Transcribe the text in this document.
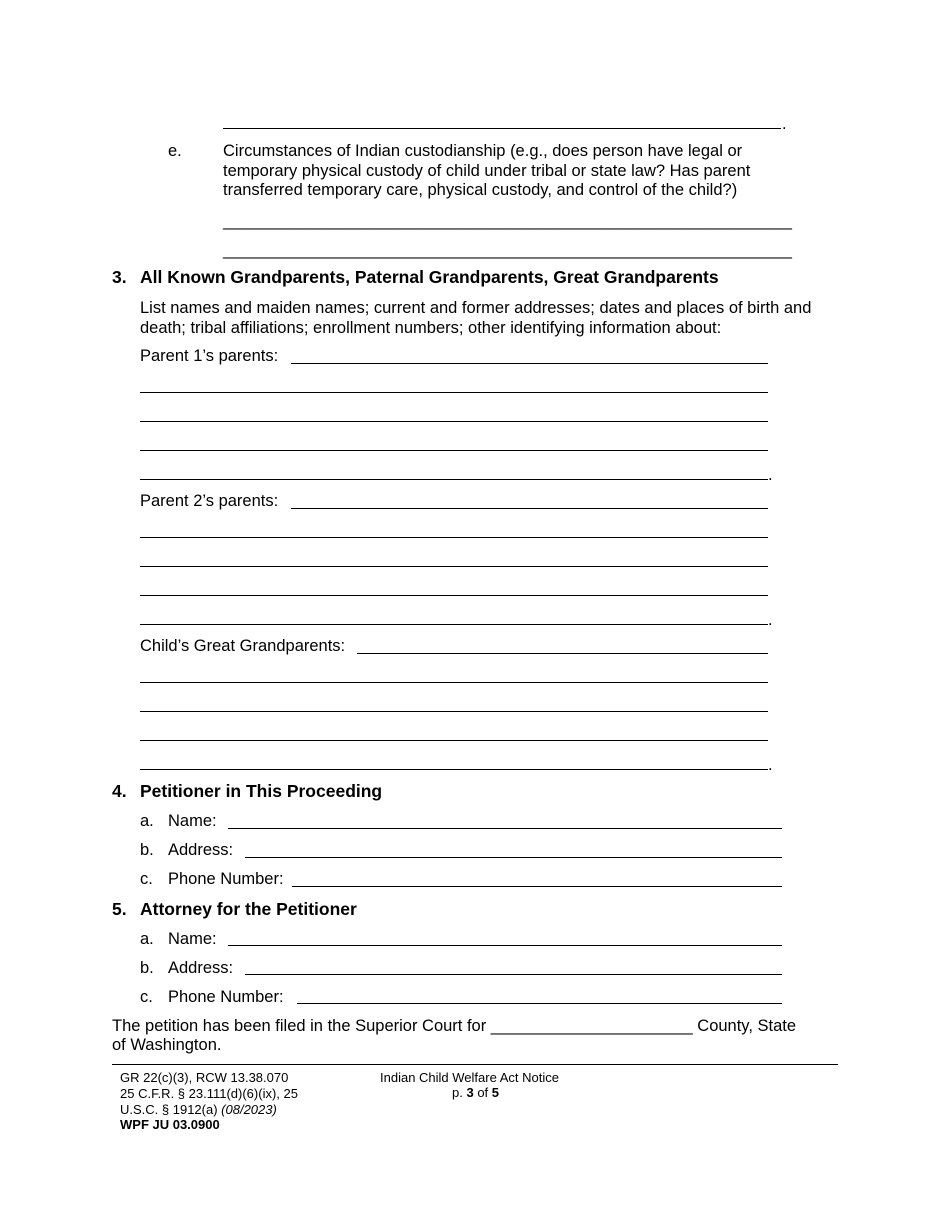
.
e. Circumstances of Indian custodianship (e.g., does person have legal or
temporary physical custody of child under tribal or state law? Has parent
transferred temporary care, physical custody, and control of the child?)
______________________________________________________________
______________________________________________________________
3. All Known Grandparents, Paternal Grandparents, Great Grandparents
List names and maiden names; current and former addresses; dates and places of birth and
death; tribal affiliations; enrollment numbers; other identifying information about:
Parent 1’s parents:
.
Parent 2’s parents:
.
Child’s Great Grandparents:
.
4. Petitioner in This Proceeding
a. Name:
b. Address:
c. Phone Number:
5. Attorney for the Petitioner
a. Name:
b. Address:
c. Phone Number:
The petition has been filed in the Superior Court for ______________________ County, State
of Washington.
GR 22(c)(3), RCW 13.38.070
25 C.F.R. § 23.111(d)(6)(ix), 25
U.S.C. § 1912(a) (08/2023)
WPF JU 03.0900
Indian Child Welfare Act Notice
p. 3 of 5
